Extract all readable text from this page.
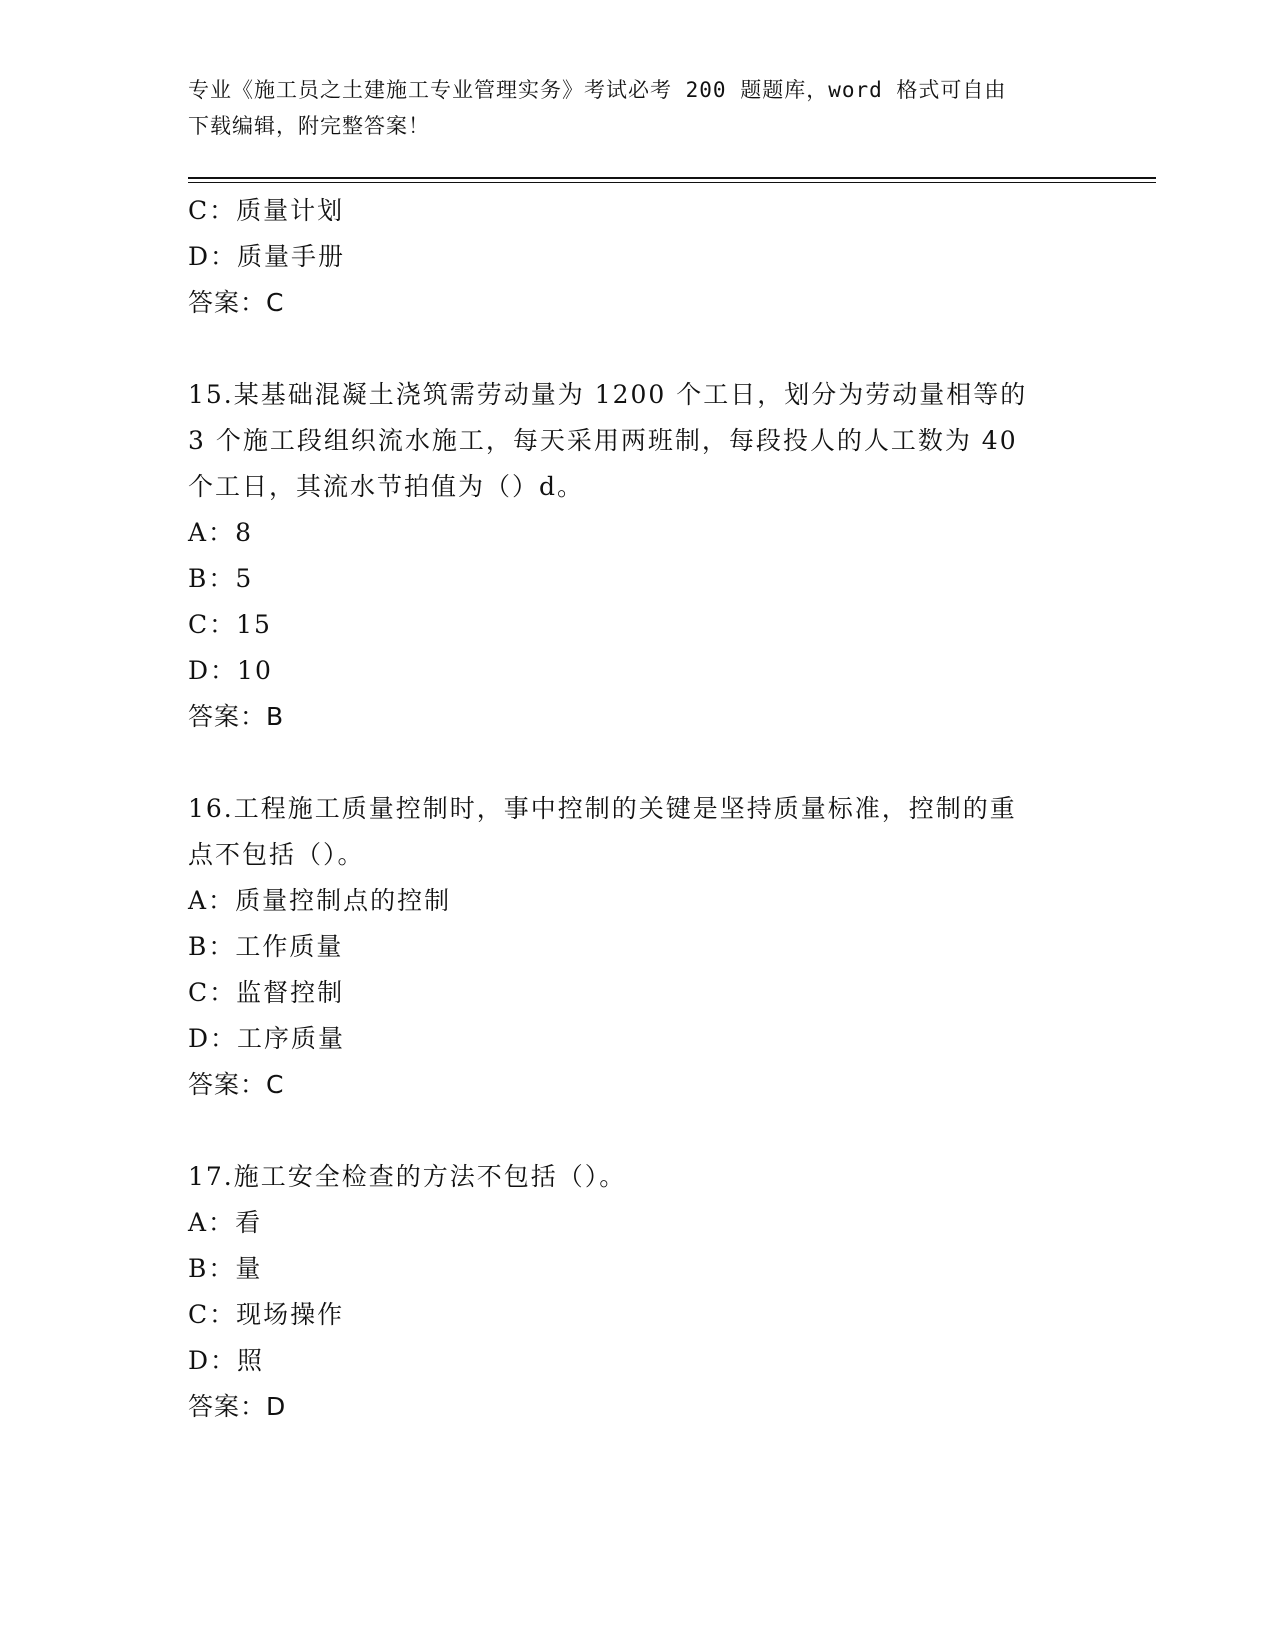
专业《施工员之土建施工专业管理实务》考试必考 200 题题库，word 格式可自由
下载编辑，附完整答案！
C：质量计划
D：质量手册
答案：C
15.某基础混凝土浇筑需劳动量为 1200 个工日，划分为劳动量相等的
3 个施工段组织流水施工，每天采用两班制，每段投人的人工数为 40
个工日，其流水节拍值为（）d。
A：8
B：5
C：15
D：10
答案：B
16.工程施工质量控制时，事中控制的关键是坚持质量标准，控制的重
点不包括（）。
A：质量控制点的控制
B：工作质量
C：监督控制
D：工序质量
答案：C
17.施工安全检查的方法不包括（）。
A：看
B：量
C：现场操作
D：照
答案：D
